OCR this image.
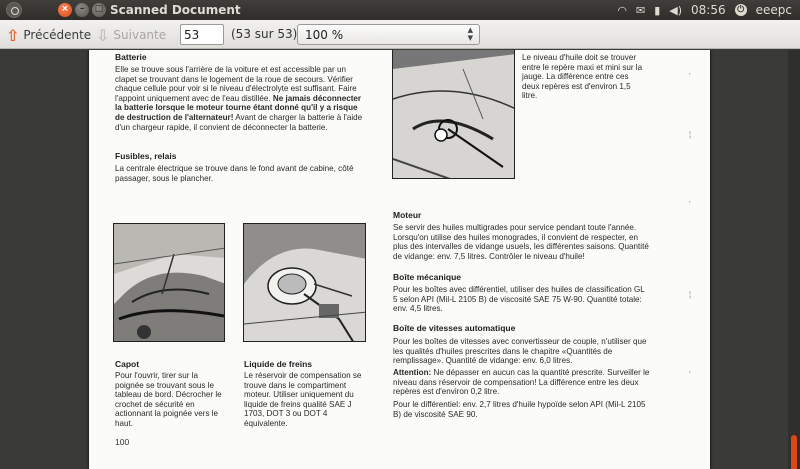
×	–	□ Scanned Document	◠ ✉ ▮ ◀) 08:56 ⏻ eeepc
⇧ Précédente ⇩ Suivante
53	(53 sur 53) 100 %	▲
▼
Batterie
Elle se trouve sous l'arrière de la voiture et est accessible par un clapet se trouvant dans le logement de la roue de secours. Vérifier chaque cellule pour voir si le niveau d'électrolyte est suffisant. Faire l'appoint uniquement avec de l'eau distillée. Ne jamais déconnecter la batterie lorsque le moteur tourne étant donné qu'il y a risque de destruction de l'alternateur! Avant de charger la batterie à l'aide d'un chargeur rapide, il convient de déconnecter la batterie.
Fusibles, relais
La centrale électrique se trouve dans le fond avant de cabine, côté passager, sous le plancher.
Capot
Pour l'ouvrir, tirer sur la poignée se trouvant sous le tableau de bord. Décrocher le crochet de sécurité en actionnant la poignée vers le haut.
Liquide de freins
Le réservoir de compensation se trouve dans le compartiment moteur. Utiliser uniquement du liquide de freins qualité SAE J 1703, DOT 3 ou DOT 4 équivalente.
Le niveau d'huile doit se trouver entre le repère maxi et mini sur la jauge. La différence entre ces deux repères est d'environ 1,5 litre.
Moteur
Se servir des huiles multigrades pour service pendant toute l'année. Lorsqu'on utilise des huiles monogrades, il convient de respecter, en plus des intervalles de vidange usuels, les différentes saisons. Quantité de vidange: env. 7,5 litres. Contrôler le niveau d'huile!
Boîte mécanique
Pour les boîtes avec différentiel, utiliser des huiles de classification GL 5 selon API (Mil-L 2105 B) de viscosité SAE 75 W-90. Quantité totale: env. 4,5 litres.
Boîte de vitesses automatique
Pour les boîtes de vitesses avec convertisseur de couple, n'utiliser que les qualités d'huiles prescrites dans le chapitre «Quantités de remplissage». Quantité de vidange: env. 6,0 litres.
Attention: Ne dépasser en aucun cas la quantité prescrite. Surveiller le niveau dans réservoir de compensation! La différence entre les deux repères est d'environ 0,2 litre.
Pour le différentiel: env. 2,7 litres d'huile hypoïde selon API (Mil-L 2105 B) de viscosité SAE 90.
100
'
¦
'
¦
'
